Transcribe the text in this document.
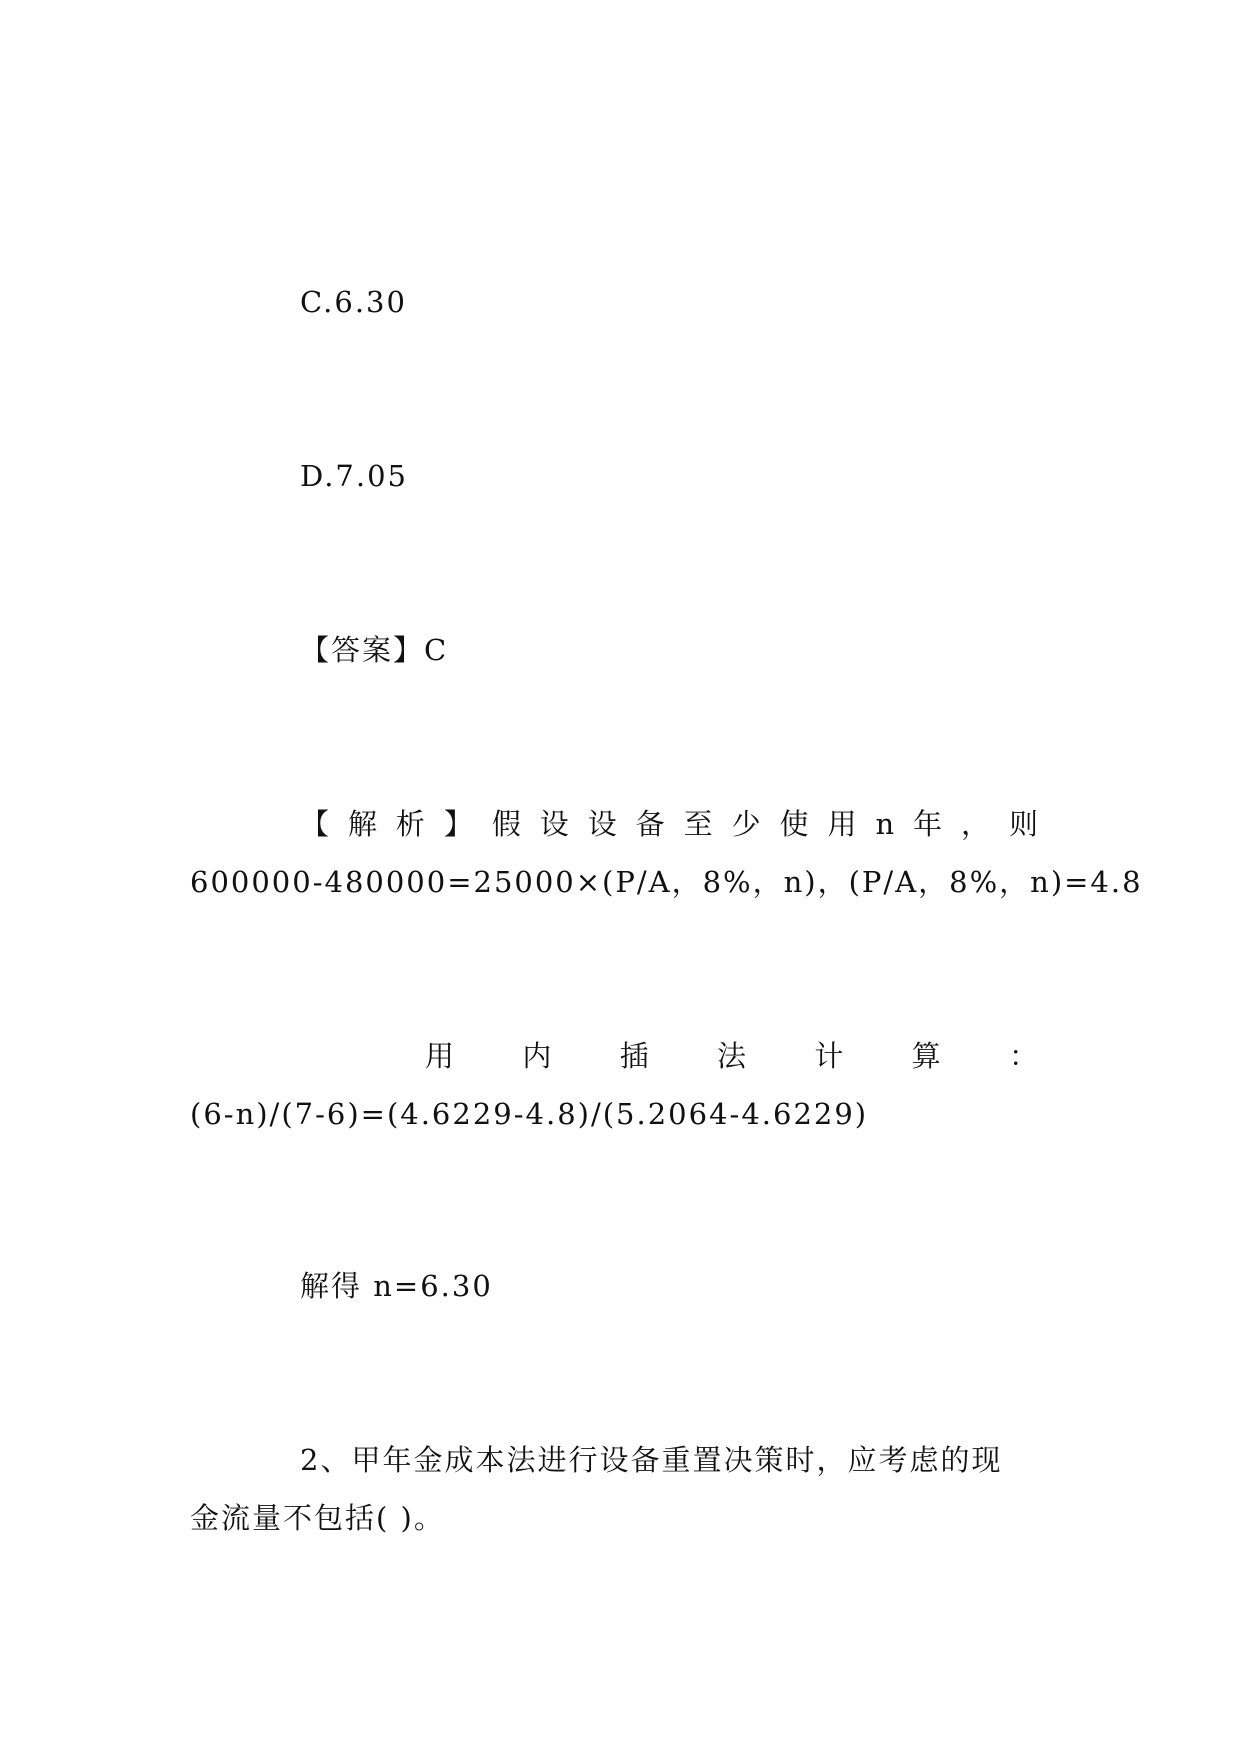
C.6.30
D.7.05
【答案】C
【 解 析 】 假 设 设 备 至 少 使 用 n 年 ， 则
600000-480000=25000×(P/A，8%，n)，(P/A，8%，n)=4.8
用 内 插 法 计 算 ：
(6-n)/(7-6)=(4.6229-4.8)/(5.2064-4.6229)
解得 n=6.30
2、甲年金成本法进行设备重置决策时，应考虑的现
金流量不包括( )。
